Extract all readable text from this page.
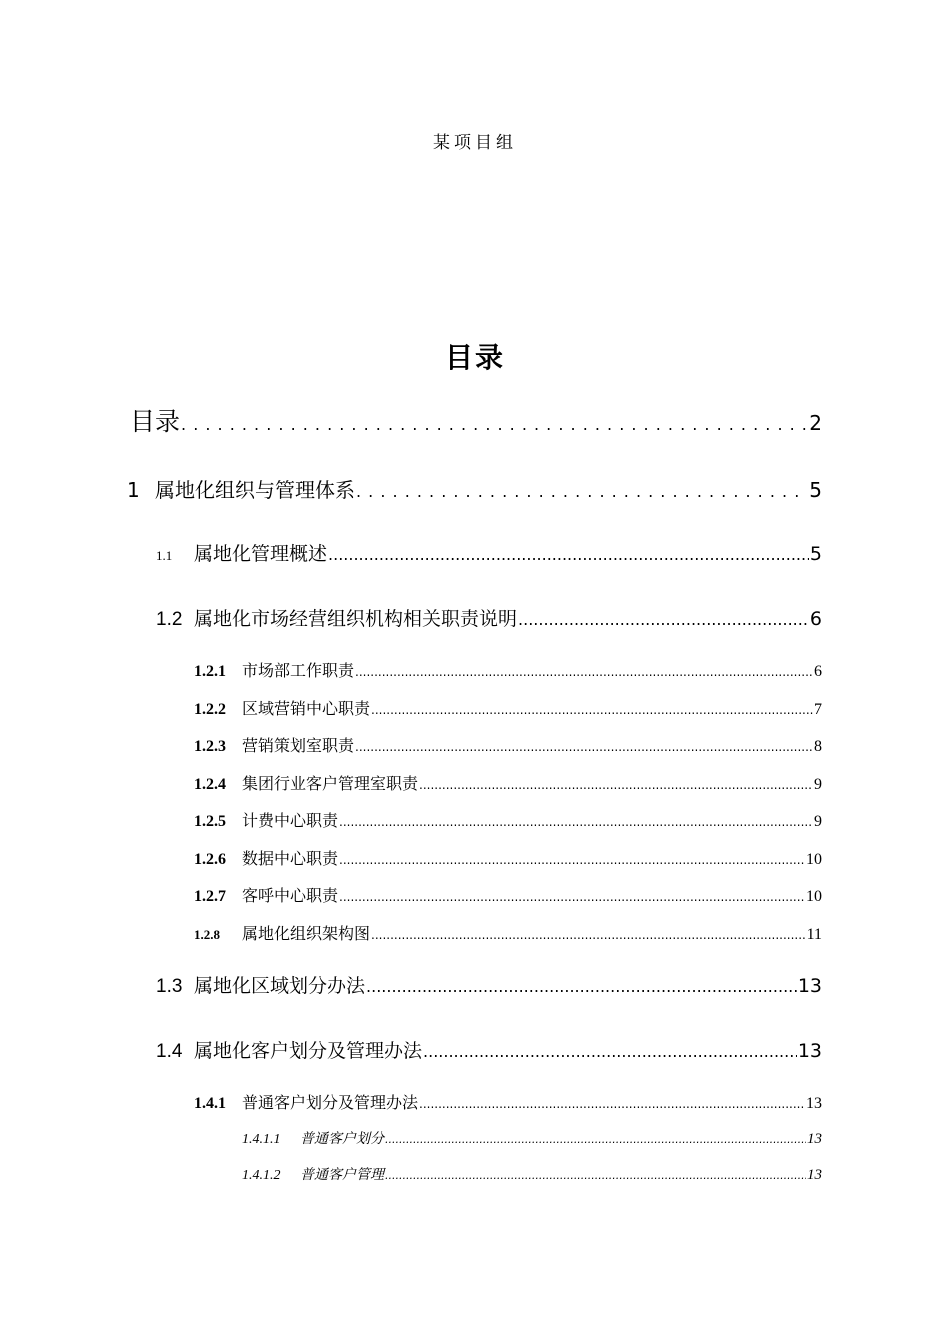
某项目组
目录
目录 . . .	2
1 属地化组织与管理体系 . . .	5
1.1	属地化管理概述 .....	5
1.2 属地化市场经营组织机构相关职责说明 .....	6
1.2.1	市场部工作职责 .....	6
1.2.2	区域营销中心职责 .....	7
1.2.3	营销策划室职责 .....	8
1.2.4	集团行业客户管理室职责 .....	9
1.2.5	计费中心职责 .....	9
1.2.6	数据中心职责 .....	10
1.2.7	客呼中心职责 .....	10
1.2.8	属地化组织架构图 .....	11
1.3 属地化区域划分办法 .....	13
1.4 属地化客户划分及管理办法 .....	13
1.4.1	普通客户划分及管理办法 .....	13
1.4.1.1	普通客户划分 .....	13
1.4.1.2	普通客户管理 .....	13
